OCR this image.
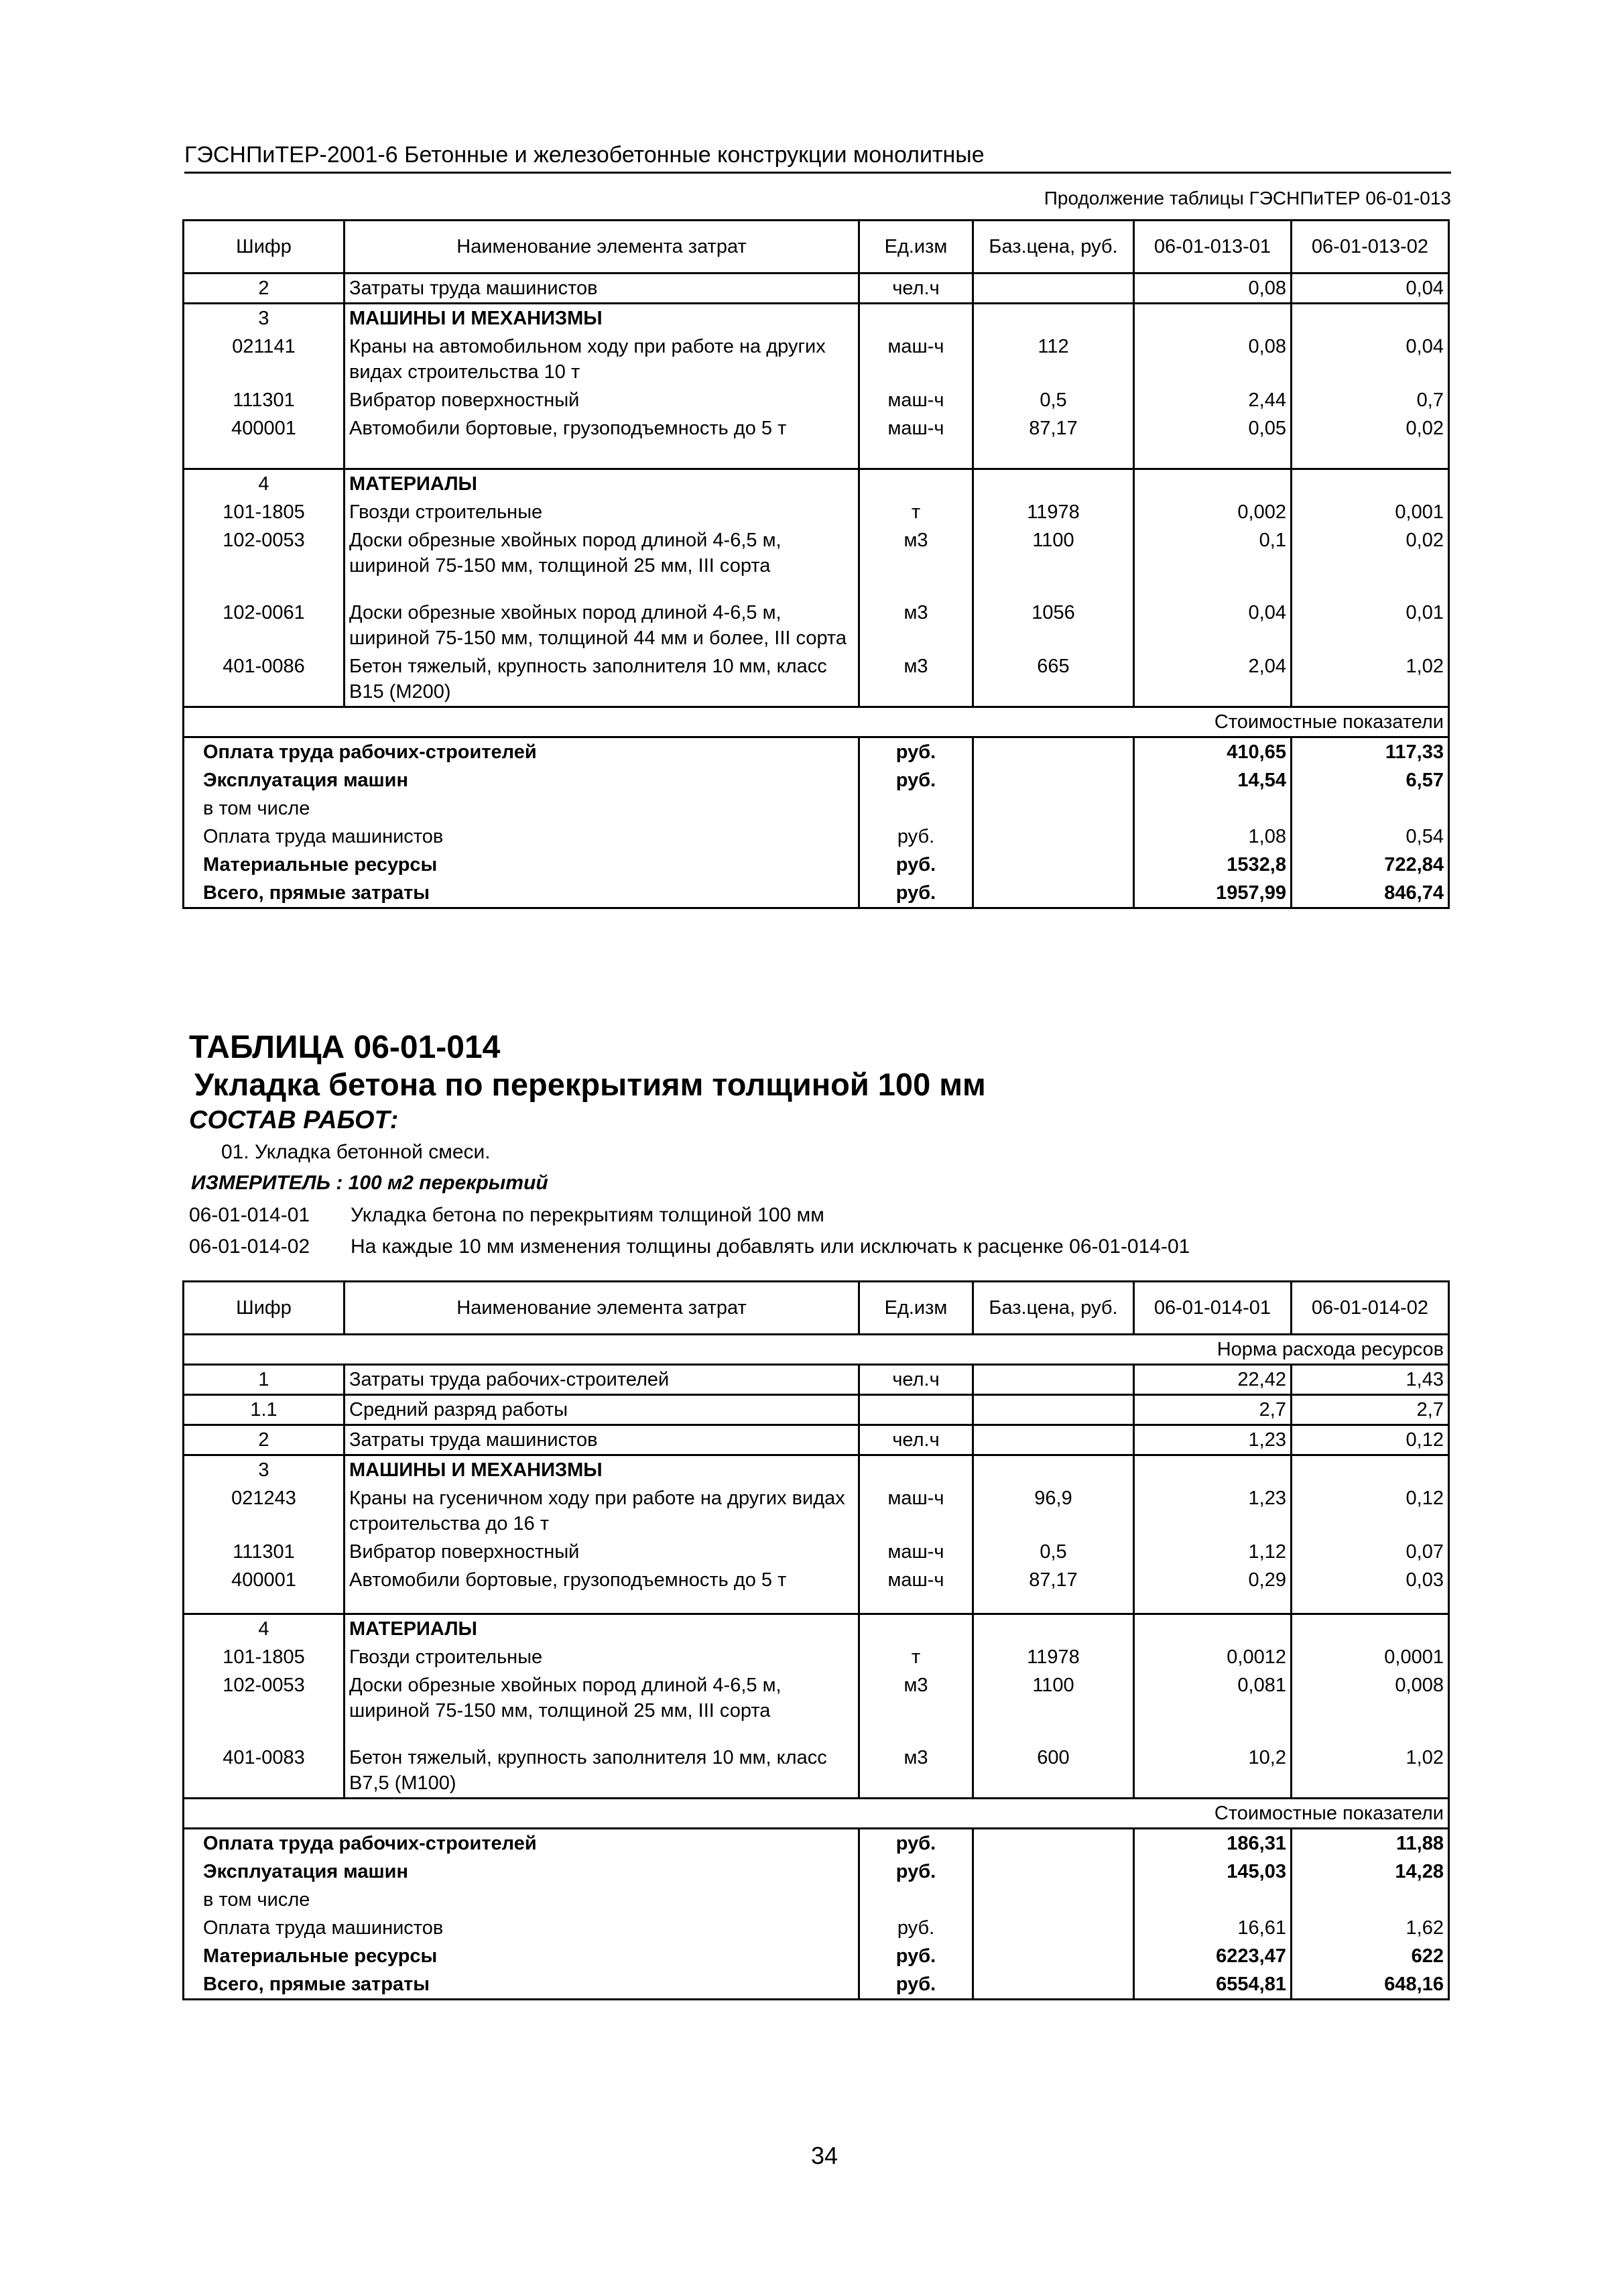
ГЭСНПиТЕР-2001-6 Бетонные и железобетонные конструкции монолитные
Продолжение таблицы ГЭСНПиТЕР 06-01-013
Шифр	Наименование элемента затрат	Ед.изм	Баз.цена, руб.	06-01-013-01	06-01-013-02
2	Затраты труда машинистов	чел.ч		0,08	0,04
3	МАШИНЫ И МЕХАНИЗМЫ				
021141	Краны на автомобильном ходу при работе на других видах строительства 10 т	маш-ч	112	0,08	0,04
111301	Вибратор поверхностный	маш-ч	0,5	2,44	0,7
400001	Автомобили бортовые, грузоподъемность до 5 т	маш-ч	87,17	0,05	0,02
4	МАТЕРИАЛЫ				
101-1805	Гвозди строительные	т	11978	0,002	0,001
102-0053	Доски обрезные хвойных пород длиной 4-6,5 м, шириной 75-150 мм, толщиной 25 мм, III сорта	м3	1100	0,1	0,02
102-0061	Доски обрезные хвойных пород длиной 4-6,5 м, шириной 75-150 мм, толщиной 44 мм и более, III сорта	м3	1056	0,04	0,01
401-0086	Бетон тяжелый, крупность заполнителя 10 мм, класс В15 (М200)	м3	665	2,04	1,02
Стоимостные показатели					
Оплата труда рабочих-строителей		руб.		410,65	117,33
Эксплуатация машин		руб.		14,54	6,57
в том числе					
Оплата труда машинистов		руб.		1,08	0,54
Материальные ресурсы		руб.		1532,8	722,84
Всего, прямые затраты		руб.		1957,99	846,74
ТАБЛИЦА 06-01-014
Укладка бетона по перекрытиям толщиной 100 мм
СОСТАВ РАБОТ:
01. Укладка бетонной смеси.
ИЗМЕРИТЕЛЬ : 100 м2 перекрытий
06-01-014-01 Укладка бетона по перекрытиям толщиной 100 мм
06-01-014-02 На каждые 10 мм изменения толщины добавлять или исключать к расценке 06-01-014-01
Шифр	Наименование элемента затрат	Ед.изм	Баз.цена, руб.	06-01-014-01	06-01-014-02
Норма расхода ресурсов					
1	Затраты труда рабочих-строителей	чел.ч		22,42	1,43
1.1	Средний разряд работы			2,7	2,7
2	Затраты труда машинистов	чел.ч		1,23	0,12
3	МАШИНЫ И МЕХАНИЗМЫ				
021243	Краны на гусеничном ходу при работе на других видах строительства до 16 т	маш-ч	96,9	1,23	0,12
111301	Вибратор поверхностный	маш-ч	0,5	1,12	0,07
400001	Автомобили бортовые, грузоподъемность до 5 т	маш-ч	87,17	0,29	0,03
4	МАТЕРИАЛЫ				
101-1805	Гвозди строительные	т	11978	0,0012	0,0001
102-0053	Доски обрезные хвойных пород длиной 4-6,5 м, шириной 75-150 мм, толщиной 25 мм, III сорта	м3	1100	0,081	0,008
401-0083	Бетон тяжелый, крупность заполнителя 10 мм, класс В7,5 (М100)	м3	600	10,2	1,02
Стоимостные показатели					
Оплата труда рабочих-строителей		руб.		186,31	11,88
Эксплуатация машин		руб.		145,03	14,28
в том числе					
Оплата труда машинистов		руб.		16,61	1,62
Материальные ресурсы		руб.		6223,47	622
Всего, прямые затраты		руб.		6554,81	648,16
34
